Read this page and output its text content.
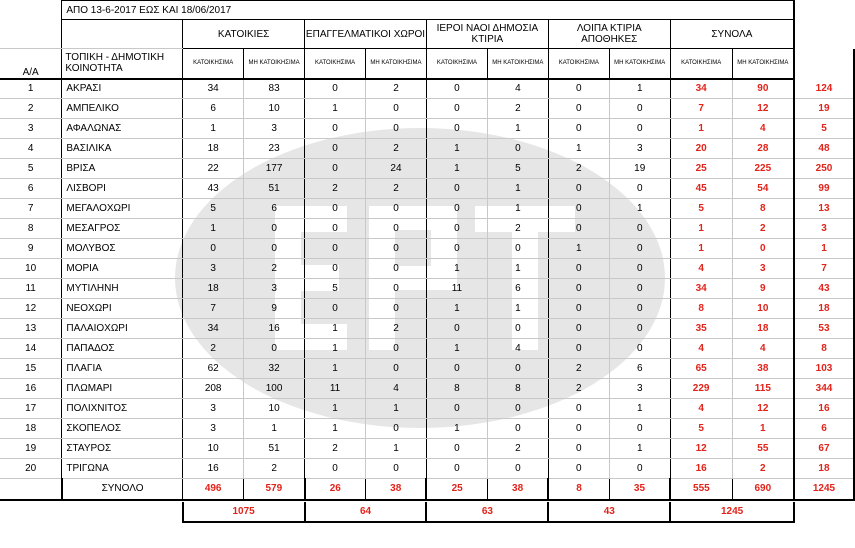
	ΑΠΟ 13-6-2017 ΕΩΣ ΚΑΙ 18/06/2017												
		ΚΑΤΟΙΚΙΕΣ		ΕΠΑΓΓΕΛΜΑΤΙΚΟΙ ΧΩΡΟΙ		ΙΕΡΟΙ ΝΑΟΙ ΔΗΜΟΣΙΑ ΚΤΙΡΙΑ		ΛΟΙΠΑ ΚΤΙΡΙΑ ΑΠΟΘΗΚΕΣ		ΣΥΝΟΛΑ			
Α/Α	ΤΟΠΙΚΗ - ΔΗΜΟΤΙΚΗ ΚΟΙΝΟΤΗΤΑ	ΚΑΤΟΙΚΗΣΙΜΑ	ΜΗ ΚΑΤΟΙΚΗΣΙΜΑ	ΚΑΤΟΙΚΗΣΙΜΑ	ΜΗ ΚΑΤΟΙΚΗΣΙΜΑ	ΚΑΤΟΙΚΗΣΙΜΑ	ΜΗ ΚΑΤΟΙΚΗΣΙΜΑ	ΚΑΤΟΙΚΗΣΙΜΑ	ΜΗ ΚΑΤΟΙΚΗΣΙΜΑ	ΚΑΤΟΙΚΗΣΙΜΑ	ΜΗ ΚΑΤΟΙΚΗΣΙΜΑ		
1	ΑΚΡΑΣΙ	34	83	0	2	0	4	0	1	34	90	124	
2	ΑΜΠΕΛΙΚΟ	6	10	1	0	0	2	0	0	7	12	19	
3	ΑΦΑΛΩΝΑΣ	1	3	0	0	0	1	0	0	1	4	5	
4	ΒΑΣΙΛΙΚΑ	18	23	0	2	1	0	1	3	20	28	48	
5	ΒΡΙΣΑ	22	177	0	24	1	5	2	19	25	225	250	
6	ΛΙΣΒΟΡΙ	43	51	2	2	0	1	0	0	45	54	99	
7	ΜΕΓΑΛΟΧΩΡΙ	5	6	0	0	0	1	0	1	5	8	13	
8	ΜΕΣΑΓΡΟΣ	1	0	0	0	0	2	0	0	1	2	3	
9	ΜΟΛΥΒΟΣ	0	0	0	0	0	0	1	0	1	0	1	
10	ΜΟΡΙΑ	3	2	0	0	1	1	0	0	4	3	7	
11	ΜΥΤΙΛΗΝΗ	18	3	5	0	11	6	0	0	34	9	43	
12	ΝΕΟΧΩΡΙ	7	9	0	0	1	1	0	0	8	10	18	
13	ΠΑΛΑΙΟΧΩΡΙ	34	16	1	2	0	0	0	0	35	18	53	
14	ΠΑΠΑΔΟΣ	2	0	1	0	1	4	0	0	4	4	8	
15	ΠΛΑΓΙΑ	62	32	1	0	0	0	2	6	65	38	103	
16	ΠΛΩΜΑΡΙ	208	100	11	4	8	8	2	3	229	115	344	
17	ΠΟΛΙΧΝΙΤΟΣ	3	10	1	1	0	0	0	1	4	12	16	
18	ΣΚΟΠΕΛΟΣ	3	1	1	0	1	0	0	0	5	1	6	
19	ΣΤΑΥΡΟΣ	10	51	2	1	0	2	0	1	12	55	67	
20	ΤΡΙΓΩΝΑ	16	2	0	0	0	0	0	0	16	2	18	
	ΣΥΝΟΛΟ	496	579	26	38	25	38	8	35	555	690	1245	

		1075		64		63		43		1245			
